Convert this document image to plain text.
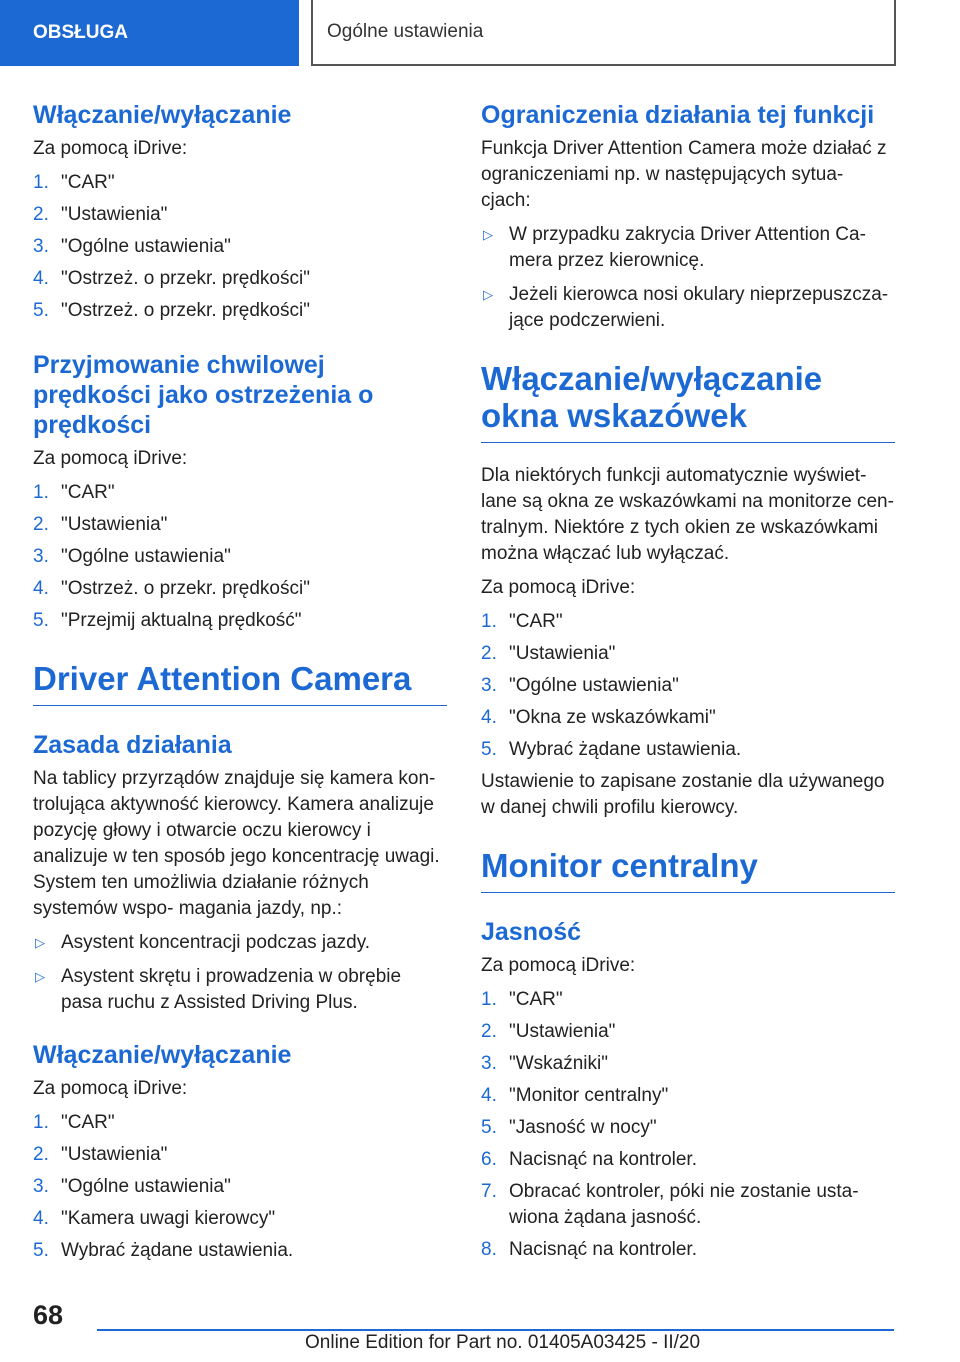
OBSŁUGA	Ogólne ustawienia
Włączanie/wyłączanie

Za pomocą iDrive:

1. "CAR"
2. "Ustawienia"
3. "Ogólne ustawienia"
4. "Ostrzeż. o przekr. prędkości"
5. "Ostrzeż. o przekr. prędkości"
Przyjmowanie chwilowej prędkości jako ostrzeżenia o prędkości

Za pomocą iDrive:

1. "CAR"
2. "Ustawienia"
3. "Ogólne ustawienia"
4. "Ostrzeż. o przekr. prędkości"
5. "Przejmij aktualną prędkość"
Driver Attention Camera
Zasada działania

Na tablicy przyrządów znajduje się kamera kon- trolująca aktywność kierowcy. Kamera analizuje pozycję głowy i otwarcie oczu kierowcy i analizuje w ten sposób jego koncentrację uwagi. System ten umożliwia działanie różnych systemów wspo- magania jazdy, np.:

▷ Asystent koncentracji podczas jazdy.
▷ Asystent skrętu i prowadzenia w obrębie pasa ruchu z Assisted Driving Plus.
Włączanie/wyłączanie

Za pomocą iDrive:

1. "CAR"
2. "Ustawienia"
3. "Ogólne ustawienia"
4. "Kamera uwagi kierowcy"
5. Wybrać żądane ustawienia.
Ograniczenia działania tej funkcji

Funkcja Driver Attention Camera może działać z ograniczeniami np. w następujących sytua- cjach:

▷ W przypadku zakrycia Driver Attention Ca- mera przez kierownicę.
▷ Jeżeli kierowca nosi okulary nieprzepuszcza- jące podczerwieni.
Włączanie/wyłączanie okna wskazówek

Dla niektórych funkcji automatycznie wyświet- lane są okna ze wskazówkami na monitorze cen- tralnym. Niektóre z tych okien ze wskazówkami można włączać lub wyłączać.

Za pomocą iDrive:

1. "CAR"
2. "Ustawienia"
3. "Ogólne ustawienia"
4. "Okna ze wskazówkami"
5. Wybrać żądane ustawienia.

Ustawienie to zapisane zostanie dla używanego w danej chwili profilu kierowcy.

Monitor centralny
Jasność

Za pomocą iDrive:

1. "CAR"
2. "Ustawienia"
3. "Wskaźniki"
4. "Monitor centralny"
5. "Jasność w nocy"
6. Nacisnąć na kontroler.
7. Obracać kontroler, póki nie zostanie usta- wiona żądana jasność.
8. Nacisnąć na kontroler.
68
Online Edition for Part no. 01405A03425 - II/20
